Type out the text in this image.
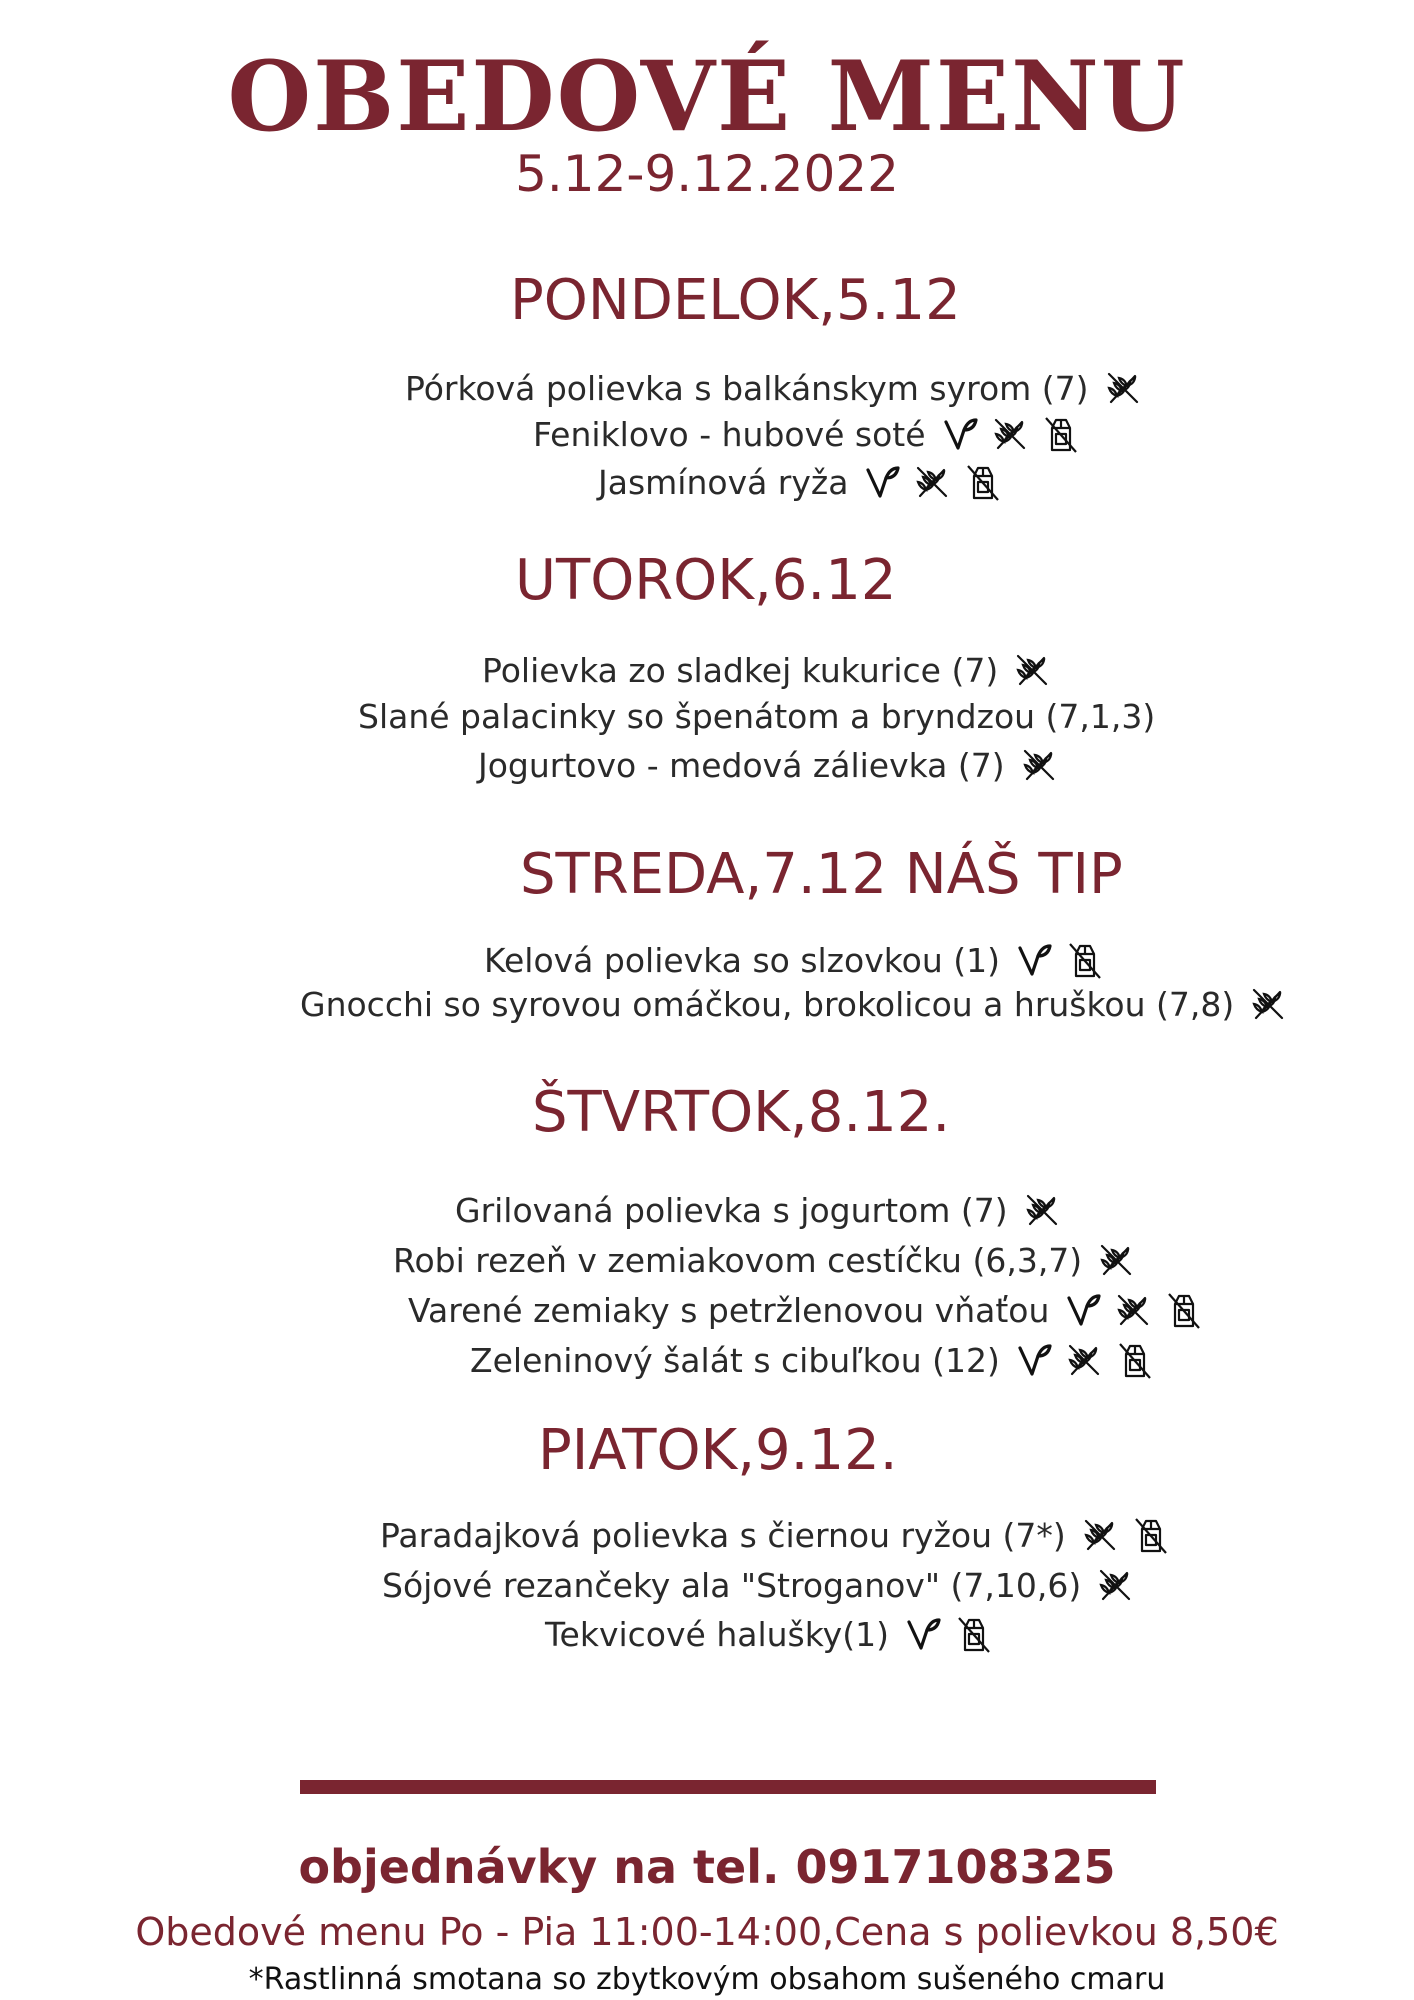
OBEDOVÉ MENU
5.12-9.12.2022
PONDELOK,5.12
UTOROK,6.12
STREDA,7.12 NÁŠ TIP
ŠTVRTOK,8.12.
PIATOK,9.12.
Pórková polievka s balkánskym syrom (7)
Feniklovo - hubové soté
Jasmínová ryža
Polievka zo sladkej kukurice (7)
Slané palacinky so špenátom a bryndzou (7,1,3)
Jogurtovo - medová zálievka (7)
Kelová polievka so slzovkou (1)
Gnocchi so syrovou omáčkou, brokolicou a hruškou (7,8)
Grilovaná polievka s jogurtom (7)
Robi rezeň v zemiakovom cestíčku (6,3,7)
Varené zemiaky s petržlenovou vňaťou
Zeleninový šalát s cibuľkou (12)
Paradajková polievka s čiernou ryžou (7*)
Sójové rezančeky ala "Stroganov" (7,10,6)
Tekvicové halušky(1)
objednávky na tel. 0917108325
Obedové menu Po - Pia 11:00-14:00,Cena s polievkou 8,50€
*Rastlinná smotana so zbytkovým obsahom sušeného cmaru
